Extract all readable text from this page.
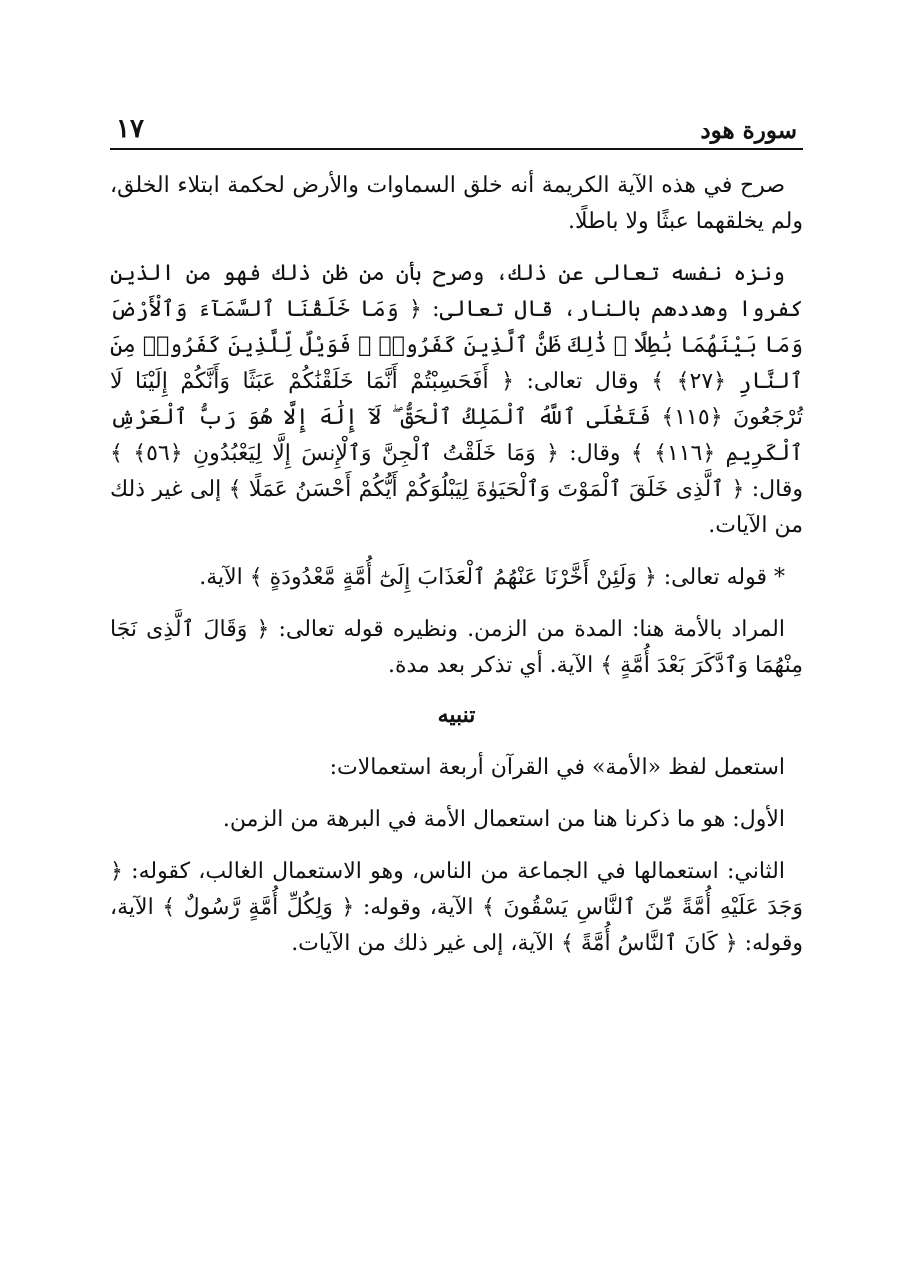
سورة هود
١٧

صرح في هذه الآية الكريمة أنه خلق السماوات والأرض لحكمة ابتلاء الخلق، ولم يخلقهما عبثًا ولا باطلًا.

ونزه نفسه تعالى عن ذلك، وصرح بأن من ظن ذلك فهو من الذين كفروا وهددهم بالنار، قال تعالى: ﴿ وَمَا خَلَقْنَا ٱلسَّمَآءَ وَٱلْأَرْضَ وَمَا بَيْنَهُمَا بَٰطِلًا ۚ ذَٰلِكَ ظَنُّ ٱلَّذِينَ كَفَرُوا۟ ۚ فَوَيْلٌ لِّلَّذِينَ كَفَرُوا۟ مِنَ ٱلنَّارِ ﴿٢٧﴾ ﴾ وقال تعالى: ﴿ أَفَحَسِبْتُمْ أَنَّمَا خَلَقْنَٰكُمْ عَبَثًا وَأَنَّكُمْ إِلَيْنَا لَا تُرْجَعُونَ ﴿١١٥﴾ فَتَعَٰلَى ٱللَّهُ ٱلْمَلِكُ ٱلْحَقُّ ۖ لَآ إِلَٰهَ إِلَّا هُوَ رَبُّ ٱلْعَرْشِ ٱلْكَرِيمِ ﴿١١٦﴾ ﴾ وقال: ﴿ وَمَا خَلَقْتُ ٱلْجِنَّ وَٱلْإِنسَ إِلَّا لِيَعْبُدُونِ ﴿٥٦﴾ ﴾ وقال: ﴿ ٱلَّذِى خَلَقَ ٱلْمَوْتَ وَٱلْحَيَوٰةَ لِيَبْلُوَكُمْ أَيُّكُمْ أَحْسَنُ عَمَلًا ﴾ إلى غير ذلك من الآيات.

* قوله تعالى: ﴿ وَلَئِنْ أَخَّرْنَا عَنْهُمُ ٱلْعَذَابَ إِلَىٰٓ أُمَّةٍ مَّعْدُودَةٍ ﴾ الآية.

المراد بالأمة هنا: المدة من الزمن. ونظيره قوله تعالى: ﴿ وَقَالَ ٱلَّذِى نَجَا مِنْهُمَا وَٱدَّكَرَ بَعْدَ أُمَّةٍ ﴾ الآية. أي تذكر بعد مدة.

تنبيه

استعمل لفظ «الأمة» في القرآن أربعة استعمالات:

الأول: هو ما ذكرنا هنا من استعمال الأمة في البرهة من الزمن.

الثاني: استعمالها في الجماعة من الناس، وهو الاستعمال الغالب، كقوله: ﴿ وَجَدَ عَلَيْهِ أُمَّةً مِّنَ ٱلنَّاسِ يَسْقُونَ ﴾ الآية، وقوله: ﴿ وَلِكُلِّ أُمَّةٍ رَّسُولٌ ﴾ الآية، وقوله: ﴿ كَانَ ٱلنَّاسُ أُمَّةً ﴾ الآية، إلى غير ذلك من الآيات.
